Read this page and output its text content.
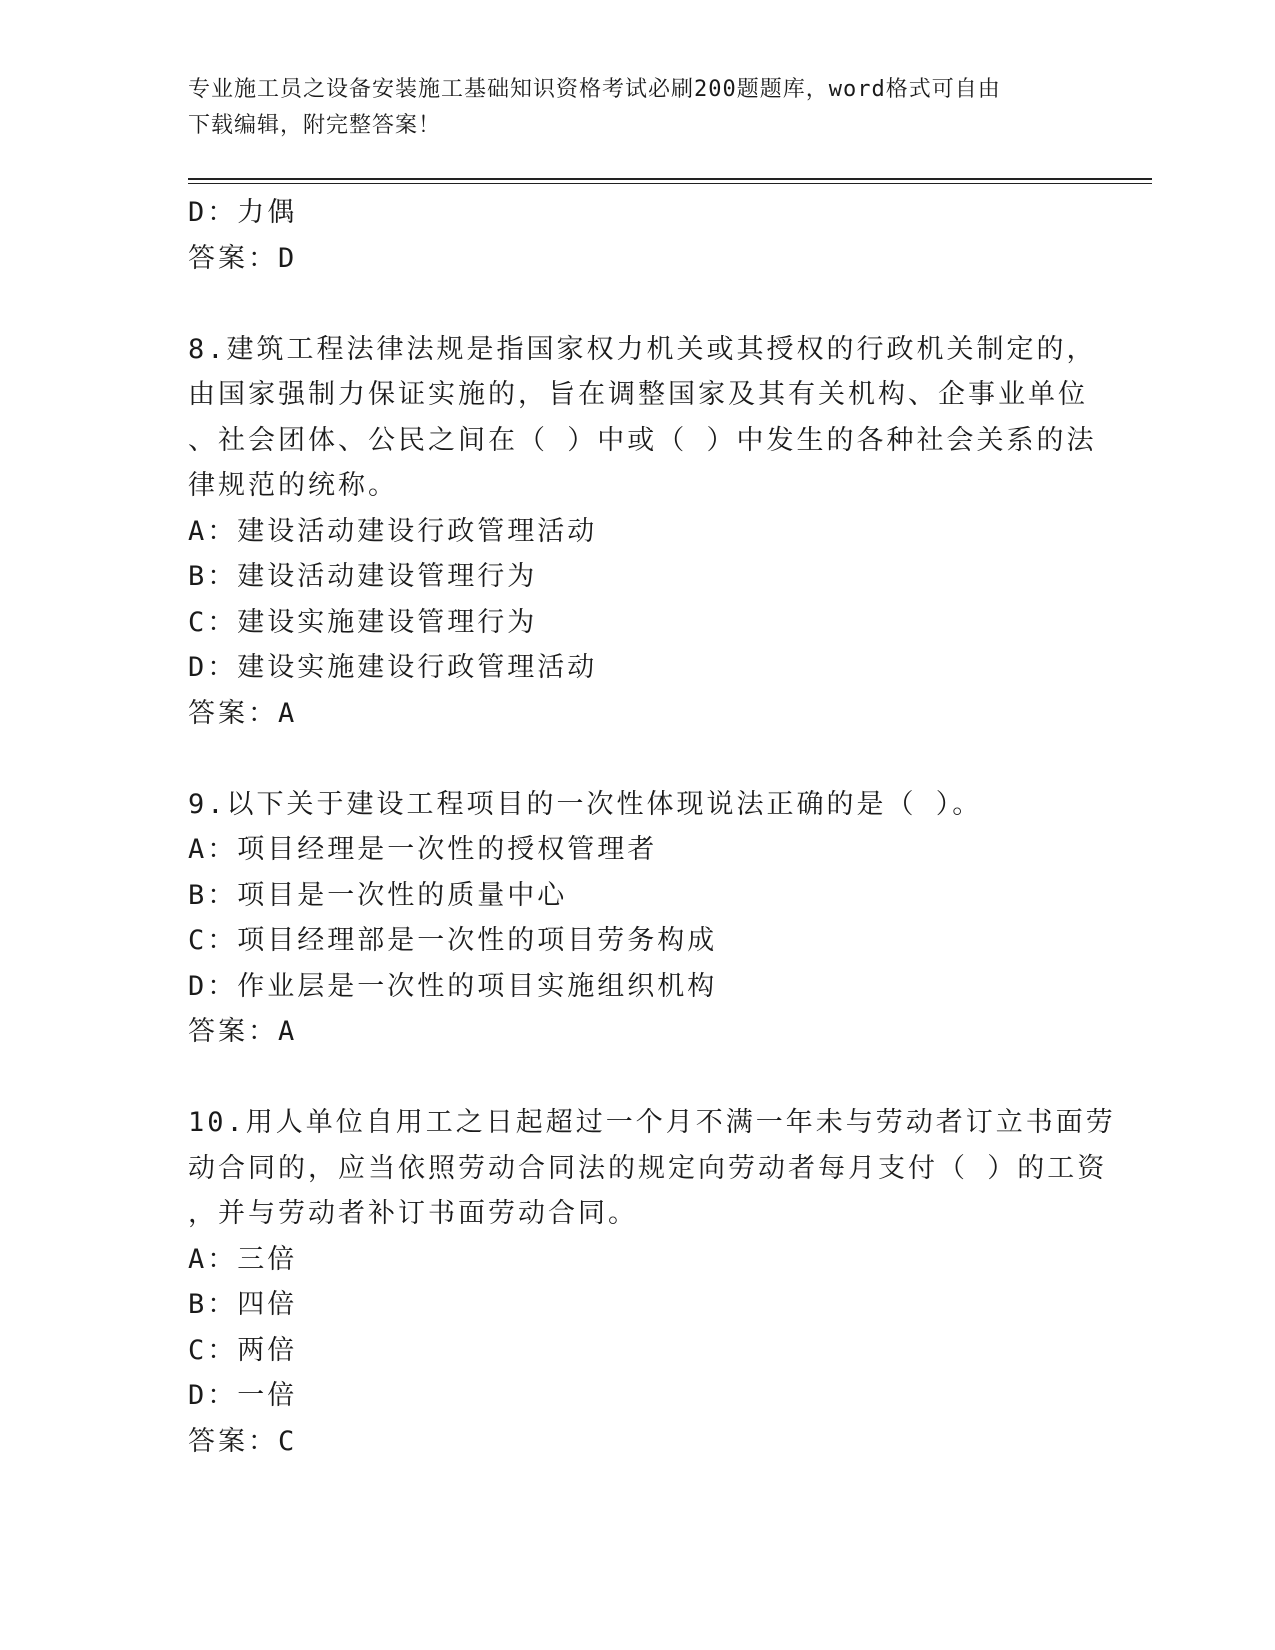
专业施工员之设备安装施工基础知识资格考试必刷200题题库，word格式可自由
下载编辑，附完整答案！
D：力偶
答案：D
8.建筑工程法律法规是指国家权力机关或其授权的行政机关制定的，
由国家强制力保证实施的，旨在调整国家及其有关机构、企事业单位
、社会团体、公民之间在（ ）中或（ ）中发生的各种社会关系的法
律规范的统称。
A：建设活动建设行政管理活动
B：建设活动建设管理行为
C：建设实施建设管理行为
D：建设实施建设行政管理活动
答案：A
9.以下关于建设工程项目的一次性体现说法正确的是（ ）。
A：项目经理是一次性的授权管理者
B：项目是一次性的质量中心
C：项目经理部是一次性的项目劳务构成
D：作业层是一次性的项目实施组织机构
答案：A
10.用人单位自用工之日起超过一个月不满一年未与劳动者订立书面劳
动合同的，应当依照劳动合同法的规定向劳动者每月支付（ ）的工资
，并与劳动者补订书面劳动合同。
A：三倍
B：四倍
C：两倍
D：一倍
答案：C
